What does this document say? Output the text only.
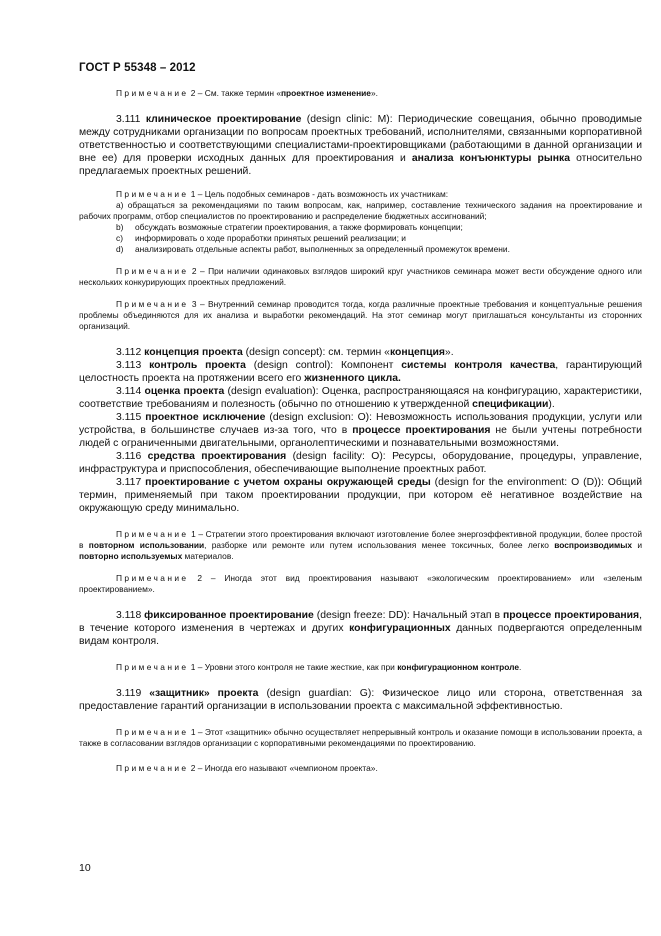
ГОСТ Р 55348 – 2012
Примечание 2 – См. также термин «проектное изменение».
3.111 клиническое проектирование (design clinic: M): Периодические совещания, обычно проводимые между сотрудниками организации по вопросам проектных требований, исполнителями, связанными корпоративной ответственностью и соответствующими специалистами-проектировщиками (работающими в данной организации и вне ее) для проверки исходных данных для проектирования и анализа конъюнктуры рынка относительно предлагаемых проектных решений.
Примечание 1 – Цель подобных семинаров - дать возможность их участникам:
a) обращаться за рекомендациями по таким вопросам, как, например, составление технического задания на проектирование и рабочих программ, отбор специалистов по проектированию и распределение бюджетных ассигнований;
b) обсуждать возможные стратегии проектирования, а также формировать концепции;
c) информировать о ходе проработки принятых решений реализации; и
d) анализировать отдельные аспекты работ, выполненных за определенный промежуток времени.
Примечание 2 – При наличии одинаковых взглядов широкий круг участников семинара может вести обсуждение одного или нескольких конкурирующих проектных предложений.
Примечание 3 – Внутренний семинар проводится тогда, когда различные проектные требования и концептуальные решения проблемы объединяются для их анализа и выработки рекомендаций. На этот семинар могут приглашаться консультанты из сторонних организаций.
3.112 концепция проекта (design concept): см. термин «концепция».
3.113 контроль проекта (design control): Компонент системы контроля качества, гарантирующий целостность проекта на протяжении всего его жизненного цикла.
3.114 оценка проекта (design evaluation): Оценка, распространяющаяся на конфигурацию, характеристики, соответствие требованиям и полезность (обычно по отношению к утвержденной спецификации).
3.115 проектное исключение (design exclusion: O): Невозможность использования продукции, услуги или устройства, в большинстве случаев из-за того, что в процессе проектирования не были учтены потребности людей с ограниченными двигательными, органолептическими и познавательными возможностями.
3.116 средства проектирования (design facility: O): Ресурсы, оборудование, процедуры, управление, инфраструктура и приспособления, обеспечивающие выполнение проектных работ.
3.117 проектирование с учетом охраны окружающей среды (design for the environment: O (D)): Общий термин, применяемый при таком проектировании продукции, при котором её негативное воздействие на окружающую среду минимально.
Примечание 1 – Стратегии этого проектирования включают изготовление более энергоэффективной продукции, более простой в повторном использовании, разборке или ремонте или путем использования менее токсичных, более легко воспроизводимых и повторно используемых материалов.
Примечание 2 – Иногда этот вид проектирования называют «экологическим проектированием» или «зеленым проектированием».
3.118 фиксированное проектирование (design freeze: DD): Начальный этап в процессе проектирования, в течение которого изменения в чертежах и других конфигурационных данных подвергаются определенным видам контроля.
Примечание 1 – Уровни этого контроля не такие жесткие, как при конфигурационном контроле.
3.119 «защитник» проекта (design guardian: G): Физическое лицо или сторона, ответственная за предоставление гарантий организации в использовании проекта с максимальной эффективностью.
Примечание 1 – Этот «защитник» обычно осуществляет непрерывный контроль и оказание помощи в использовании проекта, а также в согласовании взглядов организации с корпоративными рекомендациями по проектированию.
Примечание 2 – Иногда его называют «чемпионом проекта».
10
